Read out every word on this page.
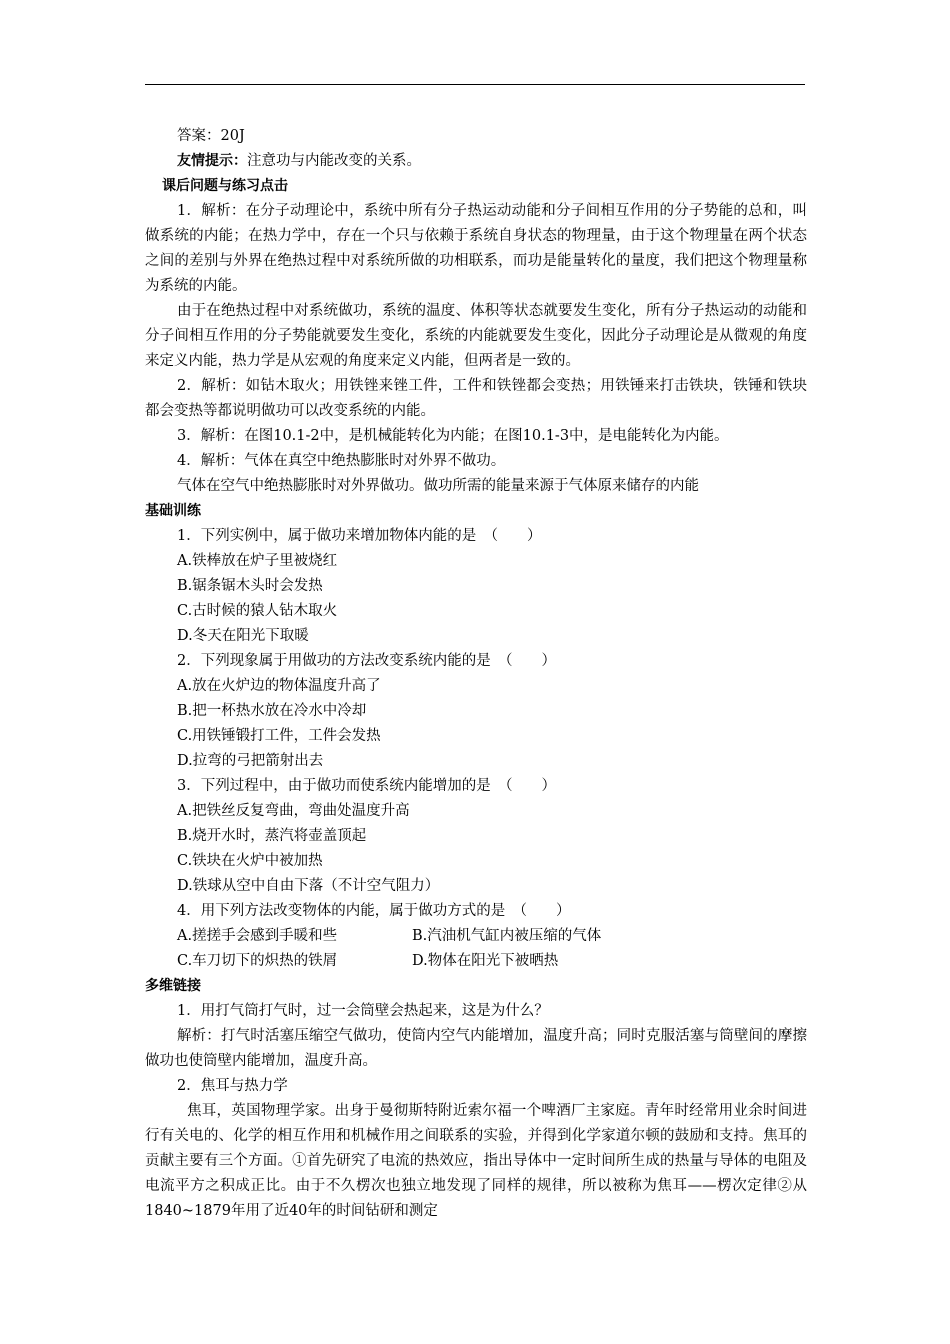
答案：20J

友情提示：注意功与内能改变的关系。

课后问题与练习点击

1．解析：在分子动理论中，系统中所有分子热运动动能和分子间相互作用的分子势能的总和，叫做系统的内能；在热力学中，存在一个只与依赖于系统自身状态的物理量，由于这个物理量在两个状态之间的差别与外界在绝热过程中对系统所做的功相联系，而功是能量转化的量度，我们把这个物理量称为系统的内能。

由于在绝热过程中对系统做功，系统的温度、体积等状态就要发生变化，所有分子热运动的动能和分子间相互作用的分子势能就要发生变化，系统的内能就要发生变化，因此分子动理论是从微观的角度来定义内能，热力学是从宏观的角度来定义内能，但两者是一致的。

2．解析：如钻木取火；用铁锉来锉工件，工件和铁锉都会变热；用铁锤来打击铁块，铁锤和铁块都会变热等都说明做功可以改变系统的内能。

3．解析：在图10.1-2中，是机械能转化为内能；在图10.1-3中，是电能转化为内能。

4．解析：气体在真空中绝热膨胀时对外界不做功。

气体在空气中绝热膨胀时对外界做功。做功所需的能量来源于气体原来储存的内能

基础训练

1．下列实例中，属于做功来增加物体内能的是　（　　）

A.铁棒放在炉子里被烧红

B.锯条锯木头时会发热

C.古时候的猿人钻木取火

D.冬天在阳光下取暖

2．下列现象属于用做功的方法改变系统内能的是　（　　）

A.放在火炉边的物体温度升高了

B.把一杯热水放在冷水中冷却

C.用铁锤锻打工件，工件会发热

D.拉弯的弓把箭射出去

3．下列过程中，由于做功而使系统内能增加的是　（　　）

A.把铁丝反复弯曲，弯曲处温度升高

B.烧开水时，蒸汽将壶盖顶起

C.铁块在火炉中被加热

D.铁球从空中自由下落（不计空气阻力）

4．用下列方法改变物体的内能，属于做功方式的是　（　　）

A.搓搓手会感到手暖和些	B.汽油机气缸内被压缩的气体
C.车刀切下的炽热的铁屑	D.物体在阳光下被晒热

多维链接

1．用打气筒打气时，过一会筒壁会热起来，这是为什么？

解析：打气时活塞压缩空气做功，使筒内空气内能增加，温度升高；同时克服活塞与筒壁间的摩擦做功也使筒壁内能增加，温度升高。

2．焦耳与热力学

焦耳，英国物理学家。出身于曼彻斯特附近索尔福一个啤酒厂主家庭。青年时经常用业余时间进行有关电的、化学的相互作用和机械作用之间联系的实验，并得到化学家道尔顿的鼓励和支持。焦耳的贡献主要有三个方面。①首先研究了电流的热效应，指出导体中一定时间所生成的热量与导体的电阻及电流平方之积成正比。由于不久楞次也独立地发现了同样的规律，所以被称为焦耳——楞次定律②从1840~1879年用了近40年的时间钻研和测定
